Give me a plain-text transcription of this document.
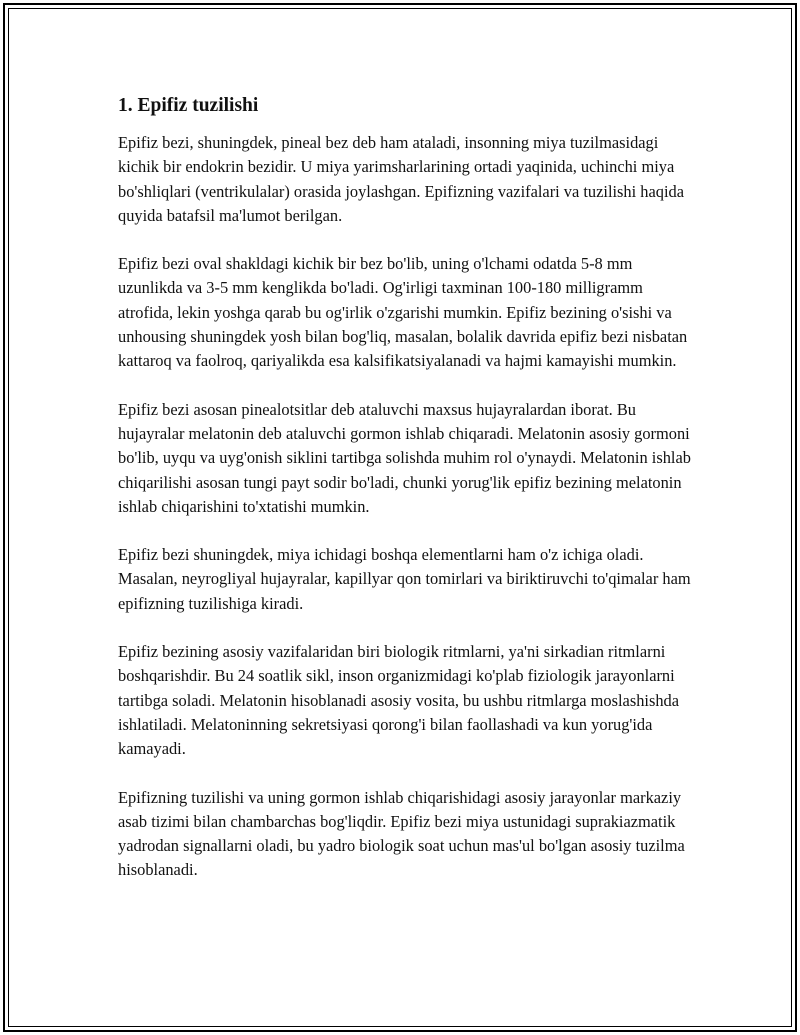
1. Epifiz tuzilishi

Epifiz bezi, shuningdek, pineal bez deb ham ataladi, insonning miya tuzilmasidagi kichik bir endokrin bezidir. U miya yarimsharlarining ortadi yaqinida, uchinchi miya bo'shliqlari (ventrikulalar) orasida joylashgan. Epifizning vazifalari va tuzilishi haqida quyida batafsil ma'lumot berilgan.

Epifiz bezi oval shakldagi kichik bir bez bo'lib, uning o'lchami odatda 5-8 mm uzunlikda va 3-5 mm kenglikda bo'ladi. Og'irligi taxminan 100-180 milligramm atrofida, lekin yoshga qarab bu og'irlik o'zgarishi mumkin. Epifiz bezining o'sishi va unhousing shuningdek yosh bilan bog'liq, masalan, bolalik davrida epifiz bezi nisbatan kattaroq va faolroq, qariyalikda esa kalsifikatsiyalanadi va hajmi kamayishi mumkin.

Epifiz bezi asosan pinealotsitlar deb ataluvchi maxsus hujayralardan iborat. Bu hujayralar melatonin deb ataluvchi gormon ishlab chiqaradi. Melatonin asosiy gormoni bo'lib, uyqu va uyg'onish siklini tartibga solishda muhim rol o'ynaydi. Melatonin ishlab chiqarilishi asosan tungi payt sodir bo'ladi, chunki yorug'lik epifiz bezining melatonin ishlab chiqarishini to'xtatishi mumkin.

Epifiz bezi shuningdek, miya ichidagi boshqa elementlarni ham o'z ichiga oladi. Masalan, neyrogliyal hujayralar, kapillyar qon tomirlari va biriktiruvchi to'qimalar ham epifizning tuzilishiga kiradi.

Epifiz bezining asosiy vazifalaridan biri biologik ritmlarni, ya'ni sirkadian ritmlarni boshqarishdir. Bu 24 soatlik sikl, inson organizmidagi ko'plab fiziologik jarayonlarni tartibga soladi. Melatonin hisoblanadi asosiy vosita, bu ushbu ritmlarga moslashishda ishlatiladi. Melatoninning sekretsiyasi qorong'i bilan faollashadi va kun yorug'ida kamayadi.

Epifizning tuzilishi va uning gormon ishlab chiqarishidagi asosiy jarayonlar markaziy asab tizimi bilan chambarchas bog'liqdir. Epifiz bezi miya ustunidagi suprakiazmatik yadrodan signallarni oladi, bu yadro biologik soat uchun mas'ul bo'lgan asosiy tuzilma hisoblanadi.
